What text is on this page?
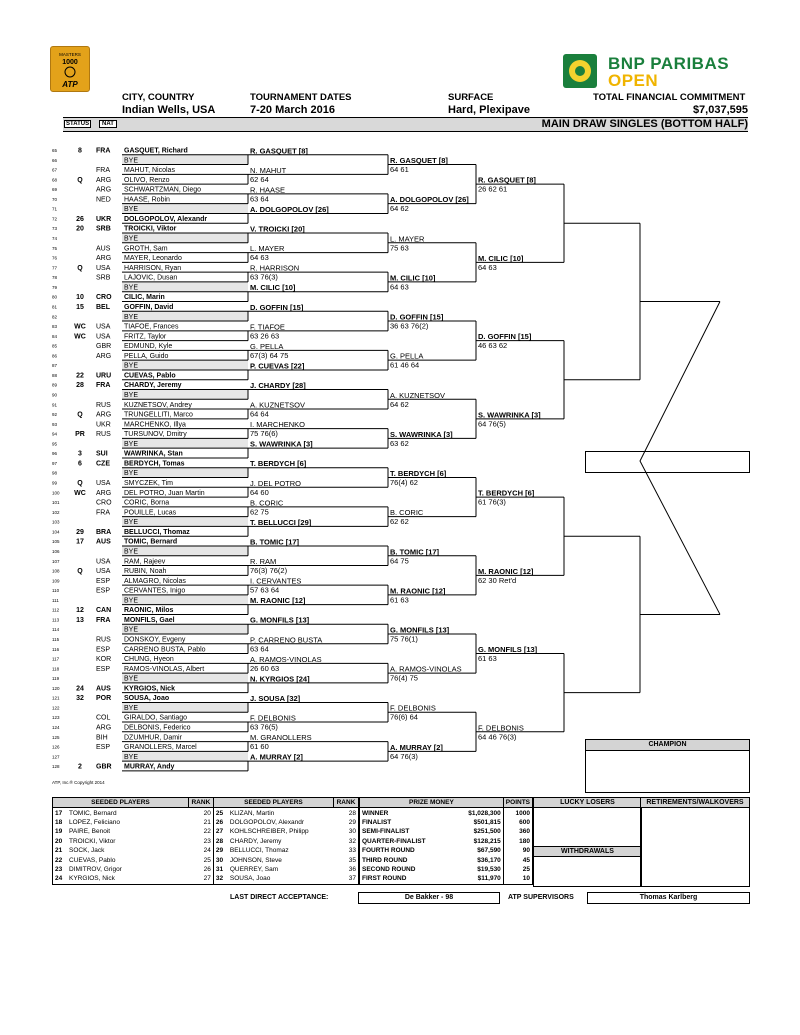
MASTERS
1000
ATP
BNP PARIBAS
OPEN
CITY, COUNTRY
Indian Wells, USA
TOURNAMENT DATES
7-20 March 2016
SURFACE
Hard, Plexipave
TOTAL FINANCIAL COMMITMENT
$7,037,595
STATUS	NAT	MAIN DRAW SINGLES (BOTTOM HALF)
65	8 FRA GASQUET, Richard
66	BYE
67	FRA MAHUT, Nicolas
68	Q ARG OLIVO, Renzo
69	ARG SCHWARTZMAN, Diego
70	NED HAASE, Robin
71	BYE
72	26 UKR DOLGOPOLOV, Alexandr
73	20 SRB TROICKI, Viktor
74	BYE
75	AUS GROTH, Sam
76	ARG MAYER, Leonardo
77	Q USA HARRISON, Ryan
78	SRB LAJOVIC, Dusan
79	BYE
80	10 CRO CILIC, Marin
81	15 BEL GOFFIN, David
82	BYE
83 WC USA TIAFOE, Frances
84 WC USA FRITZ, Taylor
85	GBR EDMUND, Kyle
86	ARG PELLA, Guido
87	BYE
88	22 URU CUEVAS, Pablo
89	28 FRA CHARDY, Jeremy
90	BYE
91	RUS KUZNETSOV, Andrey
92	Q ARG TRUNGELLITI, Marco
93	UKR MARCHENKO, Illya
94	PR RUS TURSUNOV, Dmitry
95	BYE
96	3 SUI WAWRINKA, Stan
97	6 CZE BERDYCH, Tomas
98	BYE
99	Q USA SMYCZEK, Tim
100 WC ARG DEL POTRO, Juan Martin
101	CRO CORIC, Borna
102	FRA POUILLE, Lucas
103	BYE
104 29 BRA BELLUCCI, Thomaz
105 17 AUS TOMIC, Bernard
106	BYE
107	USA RAM, Rajeev
108	Q USA RUBIN, Noah
109	ESP ALMAGRO, Nicolas
110	ESP CERVANTES, Inigo
111	BYE
112 12 CAN RAONIC, Milos
113 13 FRA MONFILS, Gael
114	BYE
115	RUS DONSKOY, Evgeny
116	ESP CARRENO BUSTA, Pablo
117	KOR CHUNG, Hyeon
118	ESP RAMOS-VINOLAS, Albert
119	BYE
120 24 AUS KYRGIOS, Nick
121 32 POR SOUSA, Joao
122	BYE
123	COL GIRALDO, Santiago
124	ARG DELBONIS, Federico
125	BIH DZUMHUR, Damir
126	ESP GRANOLLERS, Marcel
127	BYE
128	2 GBR MURRAY, Andy
R. GASQUET [8]
N. MAHUT
62 64
R. HAASE
63 64
A. DOLGOPOLOV [26]
V. TROICKI [20]
L. MAYER
64 63
R. HARRISON
63 76(3)
M. CILIC [10]
D. GOFFIN [15]
F. TIAFOE
63 26 63
G. PELLA
67(3) 64 75
P. CUEVAS [22]
J. CHARDY [28]
A. KUZNETSOV
64 64
I. MARCHENKO
75 76(6)
S. WAWRINKA [3]
T. BERDYCH [6]
J. DEL POTRO
64 60
B. CORIC
62 75
T. BELLUCCI [29]
B. TOMIC [17]
R. RAM
76(3) 76(2)
I. CERVANTES
57 63 64
M. RAONIC [12]
G. MONFILS [13]
P. CARRENO BUSTA
63 64
A. RAMOS-VINOLAS
26 60 63
N. KYRGIOS [24]
J. SOUSA [32]
F. DELBONIS
63 76(5)
M. GRANOLLERS
61 60
A. MURRAY [2]
R. GASQUET [8]
64 61
A. DOLGOPOLOV [26]
64 62
L. MAYER
75 63
M. CILIC [10]
64 63
D. GOFFIN [15]
36 63 76(2)
G. PELLA
61 46 64
A. KUZNETSOV
64 62
S. WAWRINKA [3]
63 62
T. BERDYCH [6]
76(4) 62
B. CORIC
62 62
B. TOMIC [17]
64 75
M. RAONIC [12]
61 63
G. MONFILS [13]
75 76(1)
A. RAMOS-VINOLAS
76(4) 75
F. DELBONIS
76(6) 64
A. MURRAY [2]
64 76(3)
R. GASQUET [8]
26 62 61
M. CILIC [10]
64 63
D. GOFFIN [15]
46 63 62
S. WAWRINKA [3]
64 76(5)
T. BERDYCH [6]
61 76(3)
M. RAONIC [12]
62 30 Ret'd
G. MONFILS [13]
61 63
F. DELBONIS
64 46 76(3)
CHAMPION
ATP, Inc.® Copyright 2014
SEEDED PLAYERS		RANK	SEEDED PLAYERS		RANK
17	TOMIC, Bernard	20	25	KLIZAN, Martin	28
18	LOPEZ, Feliciano	21	26	DOLGOPOLOV, Alexandr	29
19	PAIRE, Benoit	22	27	KOHLSCHREIBER, Philipp	30
20	TROICKI, Viktor	23	28	CHARDY, Jeremy	32
21	SOCK, Jack	24	29	BELLUCCI, Thomaz	33
22	CUEVAS, Pablo	25	30	JOHNSON, Steve	35
23	DIMITROV, Grigor	26	31	QUERREY, Sam	36
24	KYRGIOS, Nick	27	32	SOUSA, Joao	37
PRIZE MONEY		POINTS
WINNER	$1,028,300	1000
FINALIST	$501,815	600
SEMI-FINALIST	$251,500	360
QUARTER-FINALIST	$128,215	180
FOURTH ROUND	$67,590	90
THIRD ROUND	$36,170	45
SECOND ROUND	$19,530	25
FIRST ROUND	$11,970	10
LUCKY LOSERS
WITHDRAWALS
RETIREMENTS/WALKOVERS
LAST DIRECT ACCEPTANCE:	De Bakker - 98	ATP SUPERVISORS	Thomas Karlberg
